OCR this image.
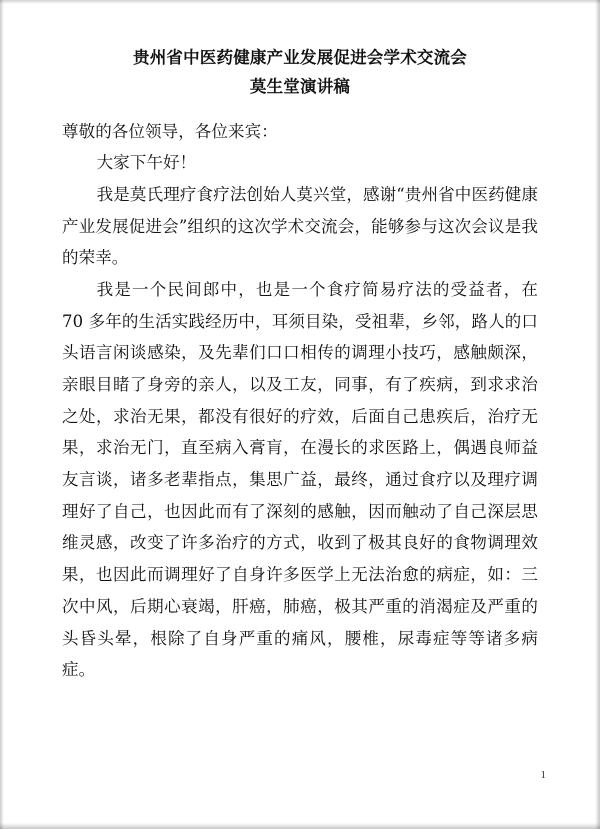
贵州省中医药健康产业发展促进会学术交流会
莫生堂演讲稿

尊敬的各位领导，各位来宾：

大家下午好！

我是莫氏理疗食疗法创始人莫兴堂，感谢“贵州省中医药健康产业发展促进会”组织的这次学术交流会，能够参与这次会议是我的荣幸。

我是一个民间郎中，也是一个食疗简易疗法的受益者，在 70 多年的生活实践经历中，耳须目染，受祖辈，乡邻，路人的口头语言闲谈感染，及先辈们口口相传的调理小技巧，感触颇深，亲眼目睹了身旁的亲人，以及工友，同事，有了疾病，到求求治之处，求治无果，都没有很好的疗效，后面自己患疾后，治疗无果，求治无门，直至病入膏肓，在漫长的求医路上，偶遇良师益友言谈，诸多老辈指点，集思广益，最终，通过食疗以及理疗调理好了自己，也因此而有了深刻的感触，因而触动了自己深层思维灵感，改变了许多治疗的方式，收到了极其良好的食物调理效果，也因此而调理好了自身许多医学上无法治愈的病症，如：三次中风，后期心衰竭，肝癌，肺癌，极其严重的消渴症及严重的头昏头晕，根除了自身严重的痛风，腰椎，尿毒症等等诸多病症。

1
